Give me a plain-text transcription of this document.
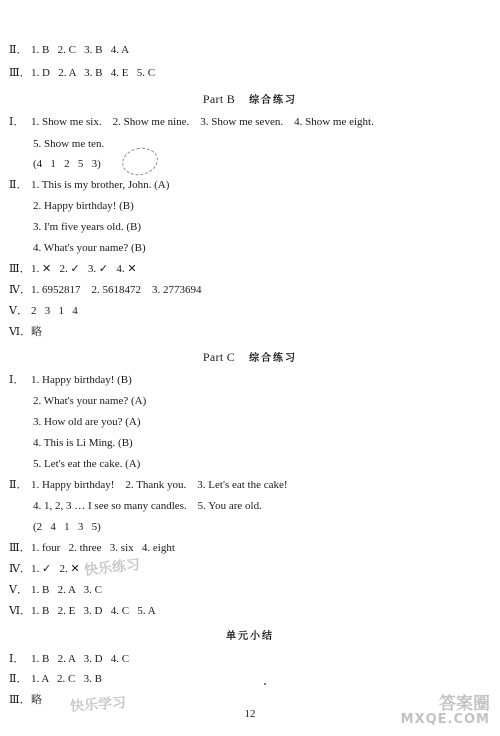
Ⅱ． 1. B   2. C   3. B   4. A
Ⅲ．1. D   2. A   3. B   4. E   5. C
Part B 综合练习
Ⅰ． 1. Show me six.    2. Show me nine.    3. Show me seven.    4. Show me eight.
5. Show me ten.
(4   1   2   5   3)
Ⅱ． 1. This is my brother, John. (A)
2. Happy birthday! (B)
3. I'm five years old. (B)
4. What's your name? (B)
Ⅲ．1. ✕   2. ✓   3. ✓   4. ✕
Ⅳ．1. 6952817    2. 5618472    3. 2773694
Ⅴ． 2   3   1   4
Ⅵ．略
Part C 综合练习
Ⅰ． 1. Happy birthday! (B)
2. What's your name? (A)
3. How old are you? (A)
4. This is Li Ming. (B)
5. Let's eat the cake. (A)
Ⅱ． 1. Happy birthday!    2. Thank you.    3. Let's eat the cake!
4. 1, 2, 3 … I see so many candles.    5. You are old.
(2   4   1   3   5)
Ⅲ．1. four   2. three   3. six   4. eight
快乐练习
Ⅳ．1. ✓   2. ✕
Ⅴ． 1. B   2. A   3. C
Ⅵ．1. B   2. E   3. D   4. C   5. A
单元小结
Ⅰ． 1. B   2. A   3. D   4. C
Ⅱ． 1. A   2. C   3. B
Ⅲ．略 快乐学习	12	答案圈
MXQE.COM
